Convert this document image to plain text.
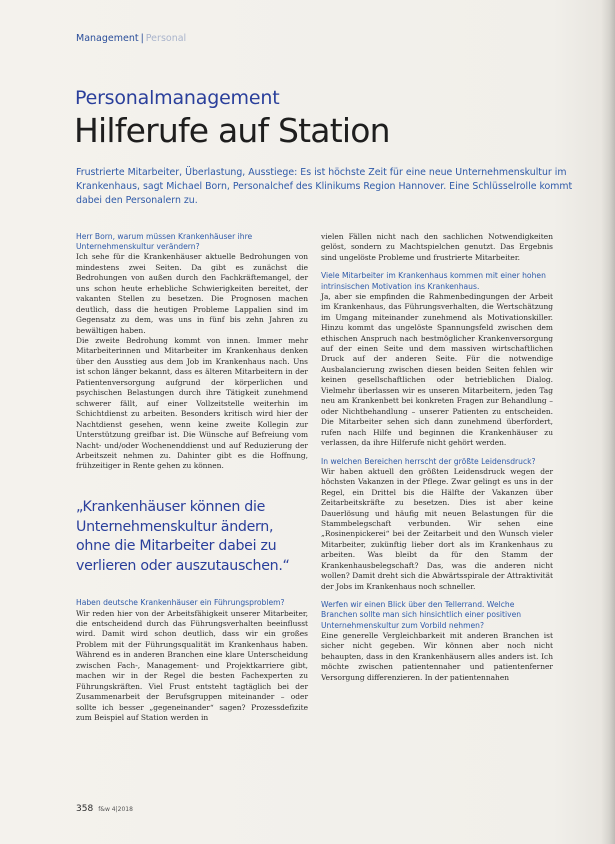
Management | Personal
Personalmanagement
Hilferufe auf Station
Frustrierte Mitarbeiter, Überlastung, Ausstiege: Es ist höchste Zeit für eine neue Unternehmenskultur im Krankenhaus, sagt Michael Born, Personalchef des Klinikums Region Hannover. Eine Schlüsselrolle kommt dabei den Personalern zu.

Herr Born, warum müssen Krankenhäuser ihre Unternehmenskultur verändern?

Ich sehe für die Krankenhäuser aktuelle Bedrohungen von mindestens zwei Seiten. Da gibt es zunächst die Bedrohungen von außen durch den Fachkräftemangel, der uns schon heute erhebliche Schwierigkeiten bereitet, der vakanten Stellen zu besetzen. Die Prognosen machen deutlich, dass die heutigen Probleme Lappalien sind im Gegensatz zu dem, was uns in fünf bis zehn Jahren zu bewältigen haben.

Die zweite Bedrohung kommt von innen. Immer mehr Mitarbeiterinnen und Mitarbeiter im Krankenhaus denken über den Ausstieg aus dem Job im Krankenhaus nach. Uns ist schon länger bekannt, dass es älteren Mitarbeitern in der Patientenversorgung aufgrund der körperlichen und psychischen Belastungen durch ihre Tätigkeit zunehmend schwerer fällt, auf einer Vollzeitstelle weiterhin im Schichtdienst zu arbeiten. Besonders kritisch wird hier der Nachtdienst gesehen, wenn keine zweite Kollegin zur Unterstützung greifbar ist. Die Wünsche auf Befreiung vom Nacht- und/oder Wochenenddienst und auf Reduzierung der Arbeitszeit nehmen zu. Dahinter gibt es die Hoffnung, frühzeitiger in Rente gehen zu können.

„Krankenhäuser können die Unternehmenskultur ändern, ohne die Mitarbeiter dabei zu verlieren oder auszutauschen.“

Haben deutsche Krankenhäuser ein Führungsproblem?

Wir reden hier von der Arbeitsfähigkeit unserer Mitarbeiter, die entscheidend durch das Führungsverhalten beeinflusst wird. Damit wird schon deutlich, dass wir ein großes Problem mit der Führungsqualität im Krankenhaus haben. Während es in anderen Branchen eine klare Unterscheidung zwischen Fach-, Management- und Projektkarriere gibt, machen wir in der Regel die besten Fachexperten zu Führungskräften. Viel Frust entsteht tagtäglich bei der Zusammenarbeit der Berufsgruppen miteinander – oder sollte ich besser „gegeneinander“ sagen? Prozessdefizite zum Beispiel auf Station werden in

vielen Fällen nicht nach den sachlichen Notwendigkeiten gelöst, sondern zu Machtspielchen genutzt. Das Ergebnis sind ungelöste Probleme und frustrierte Mitarbeiter.

Viele Mitarbeiter im Krankenhaus kommen mit einer hohen intrinsischen Motivation ins Krankenhaus.

Ja, aber sie empfinden die Rahmenbedingungen der Arbeit im Krankenhaus, das Führungsverhalten, die Wertschätzung im Umgang miteinander zunehmend als Motivationskiller. Hinzu kommt das ungelöste Spannungsfeld zwischen dem ethischen Anspruch nach bestmöglicher Krankenversorgung auf der einen Seite und dem massiven wirtschaftlichen Druck auf der anderen Seite. Für die notwendige Ausbalancierung zwischen diesen beiden Seiten fehlen wir keinen gesellschaftlichen oder betrieblichen Dialog. Vielmehr überlassen wir es unseren Mitarbeitern, jeden Tag neu am Krankenbett bei konkreten Fragen zur Behandlung – oder Nichtbehandlung – unserer Patienten zu entscheiden. Die Mitarbeiter sehen sich dann zunehmend überfordert, rufen nach Hilfe und beginnen die Krankenhäuser zu verlassen, da ihre Hilferufe nicht gehört werden.

In welchen Bereichen herrscht der größte Leidensdruck?

Wir haben aktuell den größten Leidensdruck wegen der höchsten Vakanzen in der Pflege. Zwar gelingt es uns in der Regel, ein Drittel bis die Hälfte der Vakanzen über Zeitarbeitskräfte zu besetzen. Dies ist aber keine Dauerlösung und häufig mit neuen Belastungen für die Stammbelegschaft verbunden. Wir sehen eine „Rosinenpickerei“ bei der Zeitarbeit und den Wunsch vieler Mitarbeiter, zukünftig lieber dort als im Krankenhaus zu arbeiten. Was bleibt da für den Stamm der Krankenhausbelegschaft? Das, was die anderen nicht wollen? Damit dreht sich die Abwärtsspirale der Attraktivität der Jobs im Krankenhaus noch schneller.

Werfen wir einen Blick über den Tellerrand. Welche Branchen sollte man sich hinsichtlich einer positiven Unternehmenskultur zum Vorbild nehmen?

Eine generelle Vergleichbarkeit mit anderen Branchen ist sicher nicht gegeben. Wir können aber noch nicht behaupten, dass in den Krankenhäusern alles anders ist. Ich möchte zwischen patientennaher und patientenferner Versorgung differenzieren. In der patientennahen

358 f&w 4|2018
